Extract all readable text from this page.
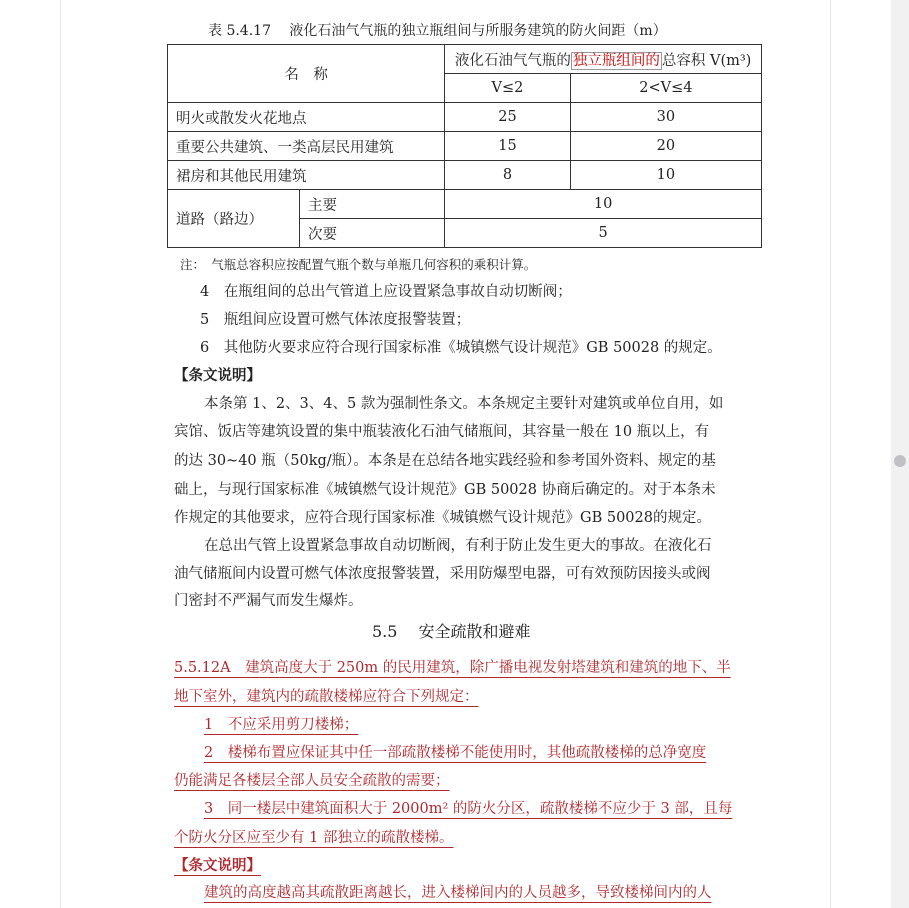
表 5.4.17　 液化石油气气瓶的独立瓶组间与所服务建筑的防火间距（m）
名　称		液化石油气气瓶的 独立瓶组间的 总容积 V(m³)	
		V≤2	2<V≤4
明火或散发火花地点		25	30
重要公共建筑、一类高层民用建筑		15	20
裙房和其他民用建筑		8	10
道路（路边）	主要	10	
	次要	5	
注：　气瓶总容积应按配置气瓶个数与单瓶几何容积的乘积计算。
4　在瓶组间的总出气管道上应设置紧急事故自动切断阀；
5　瓶组间应设置可燃气体浓度报警装置；
6　其他防火要求应符合现行国家标准《城镇燃气设计规范》GB 50028 的规定。
【条文说明】
本条第 1、2、3、4、5 款为强制性条文。本条规定主要针对建筑或单位自用，如
宾馆、饭店等建筑设置的集中瓶装液化石油气储瓶间，其容量一般在 10 瓶以上，有
的达 30~40 瓶（50kg/瓶）。本条是在总结各地实践经验和参考国外资料、规定的基
础上，与现行国家标准《城镇燃气设计规范》GB 50028 协商后确定的。对于本条未
作规定的其他要求，应符合现行国家标准《城镇燃气设计规范》GB 50028的规定。
在总出气管上设置紧急事故自动切断阀，有利于防止发生更大的事故。在液化石
油气储瓶间内设置可燃气体浓度报警装置，采用防爆型电器，可有效预防因接头或阀
门密封不严漏气而发生爆炸。
5.5　 安全疏散和避难
5.5.12A　建筑高度大于 250m 的民用建筑，除广播电视发射塔建筑和建筑的地下、半
地下室外，建筑内的疏散楼梯应符合下列规定：
1　不应采用剪刀楼梯；
2　楼梯布置应保证其中任一部疏散楼梯不能使用时，其他疏散楼梯的总净宽度
仍能满足各楼层全部人员安全疏散的需要；
3　同一楼层中建筑面积大于 2000m² 的防火分区，疏散楼梯不应少于 3 部，且每
个防火分区应至少有 1 部独立的疏散楼梯。
【条文说明】
建筑的高度越高其疏散距离越长，进入楼梯间内的人员越多，导致楼梯间内的人
